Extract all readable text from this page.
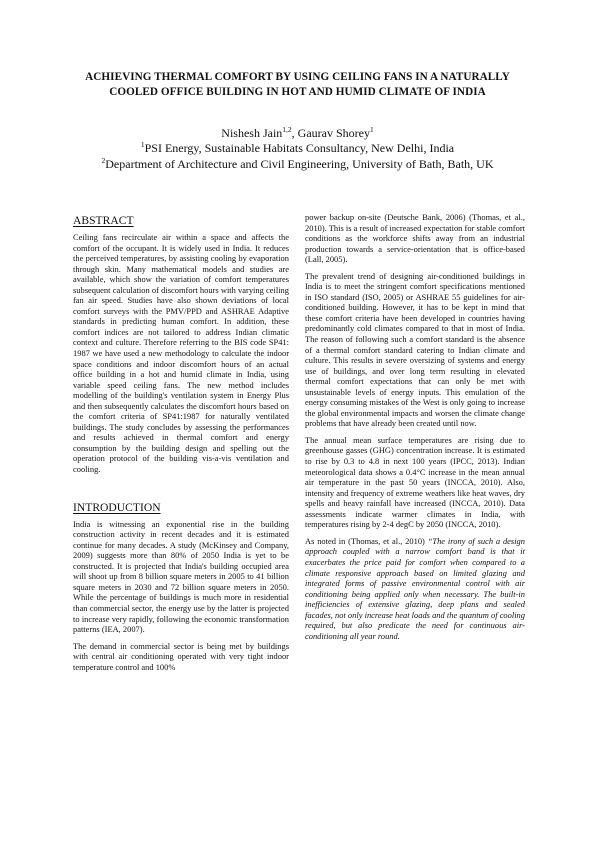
ACHIEVING THERMAL COMFORT BY USING CEILING FANS IN A NATURALLY COOLED OFFICE BUILDING IN HOT AND HUMID CLIMATE OF INDIA
Nishesh Jain$^{1,2}$, Gaurav Shorey$^1$
$^1$PSI Energy, Sustainable Habitats Consultancy, New Delhi, India
$^2$Department of Architecture and Civil Engineering, University of Bath, Bath, UK
ABSTRACT

Ceiling fans recirculate air within a space and affects the comfort of the occupant. It is widely used in India. It reduces the perceived temperatures, by assisting cooling by evaporation through skin. Many mathematical models and studies are available, which show the variation of comfort temperatures subsequent calculation of discomfort hours with varying ceiling fan air speed. Studies have also shown deviations of local comfort surveys with the PMV/PPD and ASHRAE Adaptive standards in predicting human comfort. In addition, these comfort indices are not tailored to address Indian climatic context and culture. Therefore referring to the BIS code SP41: 1987 we have used a new methodology to calculate the indoor space conditions and indoor discomfort hours of an actual office building in a hot and humid climate in India, using variable speed ceiling fans. The new method includes modelling of the building's ventilation system in Energy Plus and then subsequently calculates the discomfort hours based on the comfort criteria of SP41:1987 for naturally ventilated buildings. The study concludes by assessing the performances and results achieved in thermal comfort and energy consumption by the building design and spelling out the operation protocol of the building vis-a-vis ventilation and cooling.

INTRODUCTION

India is witnessing an exponential rise in the building construction activity in recent decades and it is estimated continue for many decades. A study (McKinsey and Company, 2009) suggests more than 80% of 2050 India is yet to be constructed. It is projected that India's building occupied area will shoot up from 8 billion square meters in 2005 to 41 billion square meters in 2030 and 72 billion square meters in 2050. While the percentage of buildings is much more in residential than commercial sector, the energy use by the latter is projected to increase very rapidly, following the economic transformation patterns (IEA, 2007).

The demand in commercial sector is being met by buildings with central air conditioning operated with very tight indoor temperature control and 100%

power backup on-site (Deutsche Bank, 2006) (Thomas, et al., 2010). This is a result of increased expectation for stable comfort conditions as the workforce shifts away from an industrial production towards a service-orientation that is office-based (Lall, 2005).

The prevalent trend of designing air-conditioned buildings in India is to meet the stringent comfort specifications mentioned in ISO standard (ISO, 2005) or ASHRAE 55 guidelines for air-conditioned building. However, it has to be kept in mind that these comfort criteria have been developed in countries having predominantly cold climates compared to that in most of India. The reason of following such a comfort standard is the absence of a thermal comfort standard catering to Indian climate and culture. This results in severe oversizing of systems and energy use of buildings, and over long term resulting in elevated thermal comfort expectations that can only be met with unsustainable levels of energy inputs. This emulation of the energy consuming mistakes of the West is only going to increase the global environmental impacts and worsen the climate change problems that have already been created until now.

The annual mean surface temperatures are rising due to greenhouse gasses (GHG) concentration increase. It is estimated to rise by 0.3 to 4.8 in next 100 years (IPCC, 2013). Indian meteorological data shows a 0.4°C increase in the mean annual air temperature in the past 50 years (INCCA, 2010). Also, intensity and frequency of extreme weathers like heat waves, dry spells and heavy rainfall have increased (INCCA, 2010). Data assessments indicate warmer climates in India, with temperatures rising by 2-4 degC by 2050 (INCCA, 2010).

As noted in (Thomas, et al., 2010) “The irony of such a design approach coupled with a narrow comfort band is that it exacerbates the price paid for comfort when compared to a climate responsive approach based on limited glazing and integrated forms of passive environmental control with air conditioning being applied only when necessary. The built-in inefficiencies of extensive glazing, deep plans and sealed facades, not only increase heat loads and the quantum of cooling required, but also predicate the need for continuous air-conditioning all year round.
